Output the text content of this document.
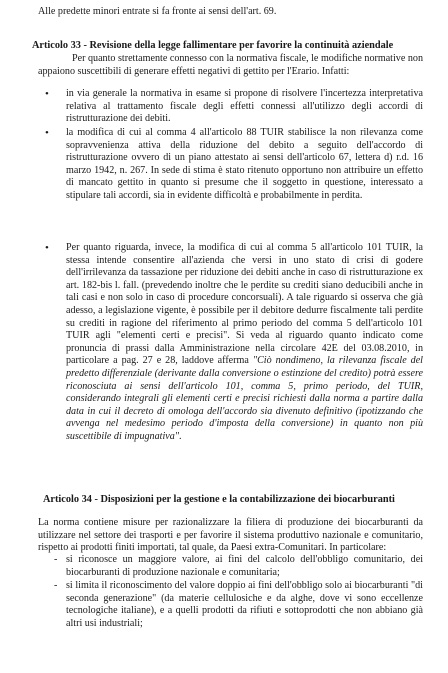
Alle predette minori entrate si fa fronte ai sensi dell'art. 69.
Articolo 33 - Revisione della legge fallimentare per favorire la continuità aziendale
Per quanto strettamente connesso con la normativa fiscale, le modifiche normative non appaiono suscettibili di generare effetti negativi di gettito per l'Erario. Infatti:
• in via generale la normativa in esame si propone di risolvere l'incertezza interpretativa relativa al trattamento fiscale degli effetti connessi all'utilizzo degli accordi di ristrutturazione dei debiti.
• la modifica di cui al comma 4 all'articolo 88 TUIR stabilisce la non rilevanza come sopravvenienza attiva della riduzione del debito a seguito dell'accordo di ristrutturazione ovvero di un piano attestato ai sensi dell'articolo 67, lettera d) r.d. 16 marzo 1942, n. 267. In sede di stima è stato ritenuto opportuno non attribuire un effetto di mancato gettito in quanto si presume che il soggetto in questione, interessato a stipulare tali accordi, sia in evidente difficoltà e probabilmente in perdita.
• Per quanto riguarda, invece, la modifica di cui al comma 5 all'articolo 101 TUIR, la stessa intende consentire all'azienda che versi in uno stato di crisi di godere dell'irrilevanza da tassazione per riduzione dei debiti anche in caso di ristrutturazione ex art. 182-bis l. fall. (prevedendo inoltre che le perdite su crediti siano deducibili anche in tali casi e non solo in caso di procedure concorsuali). A tale riguardo si osserva che già adesso, a legislazione vigente, è possibile per il debitore dedurre fiscalmente tali perdite su crediti in ragione del riferimento al primo periodo del comma 5 dell'articolo 101 TUIR agli "elementi certi e precisi". Si veda al riguardo quanto indicato come pronuncia di prassi dalla Amministrazione nella circolare 42E del 03.08.2010, in particolare a pag. 27 e 28, laddove afferma "Ciò nondimeno, la rilevanza fiscale del predetto differenziale (derivante dalla conversione o estinzione del credito) potrà essere riconosciuta ai sensi dell'articolo 101, comma 5, primo periodo, del TUIR, considerando integrali gli elementi certi e precisi richiesti dalla norma a partire dalla data in cui il decreto di omologa dell'accordo sia divenuto definitivo (ipotizzando che avvenga nel medesimo periodo d'imposta della conversione) in quanto non più suscettibile di impugnativa".
Articolo 34 - Disposizioni per la gestione e la contabilizzazione dei biocarburanti
La norma contiene misure per razionalizzare la filiera di produzione dei biocarburanti da utilizzare nel settore dei trasporti e per favorire il sistema produttivo nazionale e comunitario, rispetto ai prodotti finiti importati, tal quale, da Paesi extra-Comunitari. In particolare:
- si riconosce un maggiore valore, ai fini del calcolo dell'obbligo comunitario, dei biocarburanti di produzione nazionale e comunitaria;
- si limita il riconoscimento del valore doppio ai fini dell'obbligo solo ai biocarburanti "di seconda generazione" (da materie cellulosiche e da alghe, dove vi sono eccellenze tecnologiche italiane), e a quelli prodotti da rifiuti e sottoprodotti che non abbiano già altri usi industriali;
